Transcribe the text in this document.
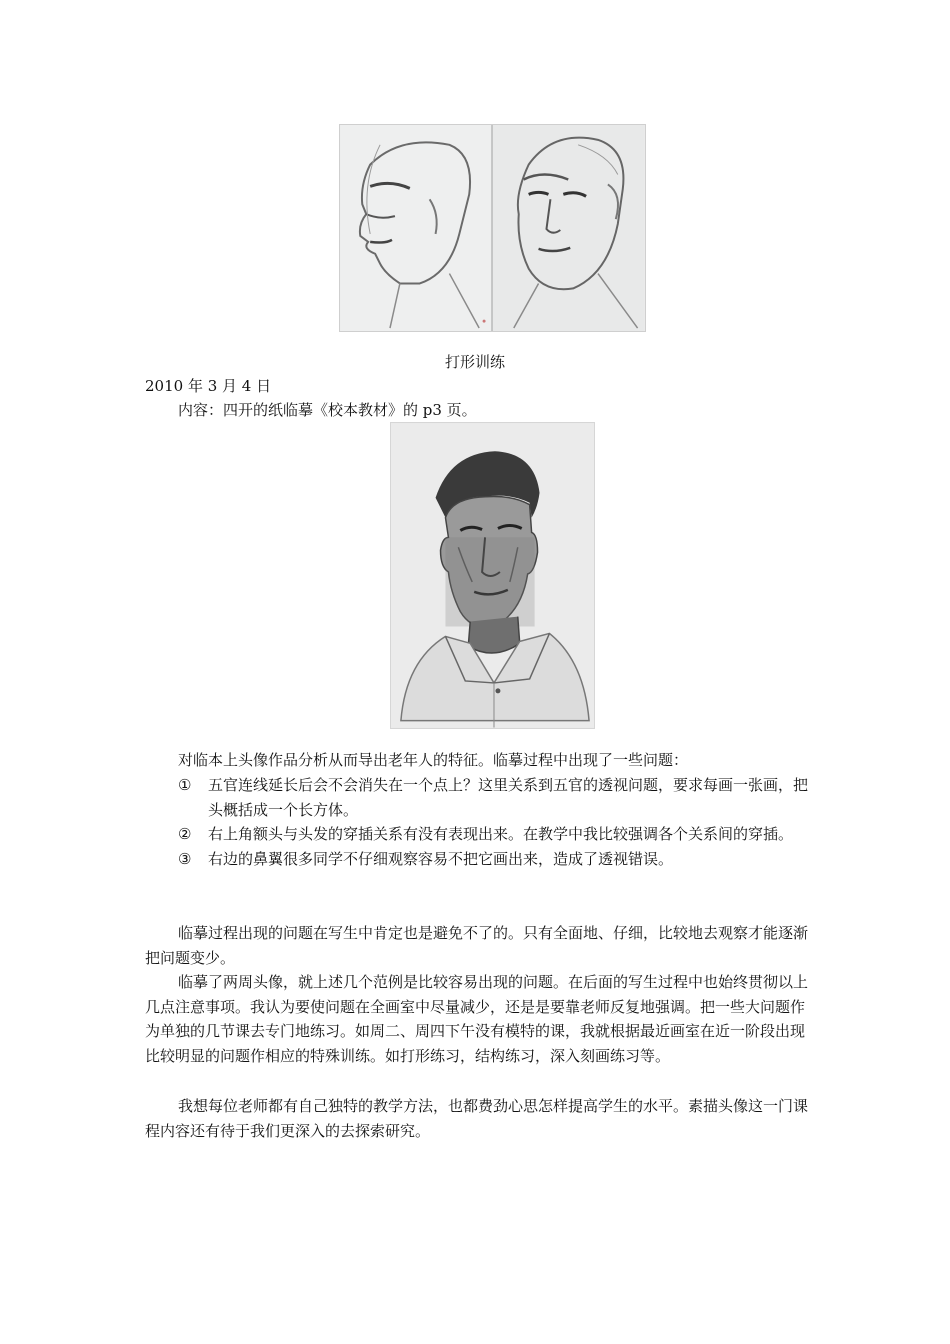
打形训练
2010 年 3 月 4 日
内容：四开的纸临摹《校本教材》的 p3 页。
对临本上头像作品分析从而导出老年人的特征。临摹过程中出现了一些问题：
① 五官连线延长后会不会消失在一个点上？这里关系到五官的透视问题，要求每画一张画，把头概括成一个长方体。
② 右上角额头与头发的穿插关系有没有表现出来。在教学中我比较强调各个关系间的穿插。
③ 右边的鼻翼很多同学不仔细观察容易不把它画出来，造成了透视错误。
临摹过程出现的问题在写生中肯定也是避免不了的。只有全面地、仔细，比较地去观察才能逐渐把问题变少。
临摹了两周头像，就上述几个范例是比较容易出现的问题。在后面的写生过程中也始终贯彻以上几点注意事项。我认为要使问题在全画室中尽量减少，还是是要靠老师反复地强调。把一些大问题作为单独的几节课去专门地练习。如周二、周四下午没有模特的课，我就根据最近画室在近一阶段出现比较明显的问题作相应的特殊训练。如打形练习，结构练习，深入刻画练习等。
我想每位老师都有自己独特的教学方法，也都费劲心思怎样提高学生的水平。素描头像这一门课程内容还有待于我们更深入的去探索研究。
